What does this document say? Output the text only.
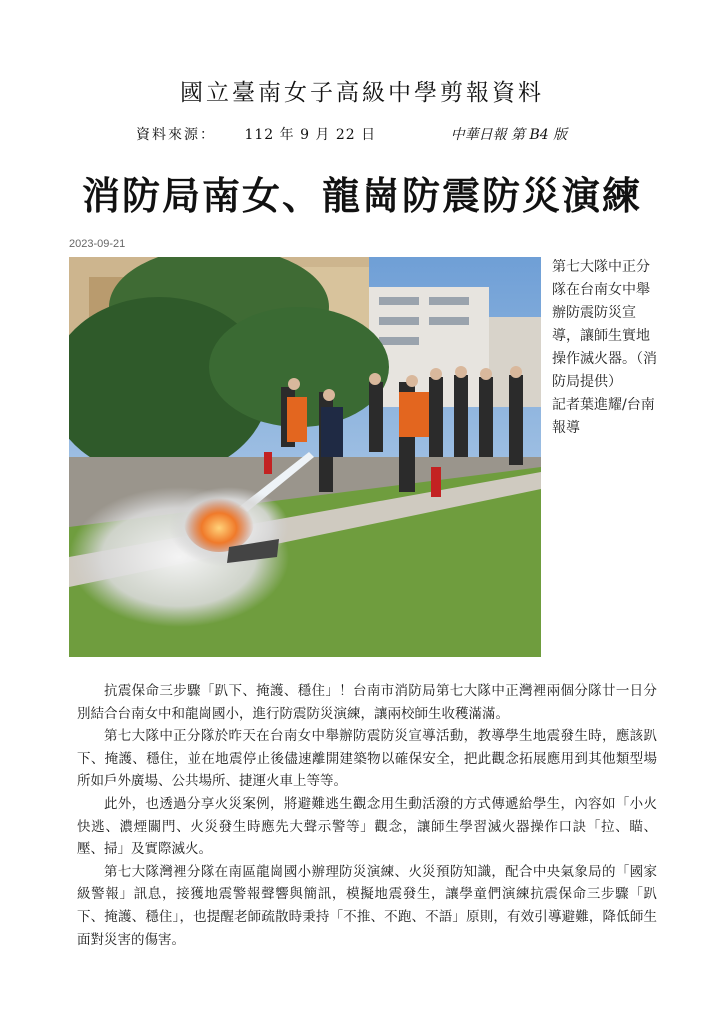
國立臺南女子高級中學剪報資料
資料來源： 112 年 9 月 22 日	中華日報 第 B4 版
消防局南女、龍崗防震防災演練
2023-09-21
第七大隊中正分隊在台南女中舉辦防震防災宣導，讓師生實地操作滅火器。（消防局提供）
記者葉進耀/台南報導

抗震保命三步驟「趴下、掩護、穩住」！台南市消防局第七大隊中正灣裡兩個分隊廿一日分別結合台南女中和龍崗國小，進行防震防災演練，讓兩校師生收穫滿滿。

第七大隊中正分隊於昨天在台南女中舉辦防震防災宣導活動，教導學生地震發生時，應該趴下、掩護、穩住，並在地震停止後儘速離開建築物以確保安全，把此觀念拓展應用到其他類型場所如戶外廣場、公共場所、捷運火車上等等。

此外，也透過分享火災案例，將避難逃生觀念用生動活潑的方式傳遞給學生，內容如「小火快逃、濃煙關門、火災發生時應先大聲示警等」觀念，讓師生學習滅火器操作口訣「拉、瞄、壓、掃」及實際滅火。

第七大隊灣裡分隊在南區龍崗國小辦理防災演練、火災預防知識，配合中央氣象局的「國家級警報」訊息，接獲地震警報聲響與簡訊，模擬地震發生，讓學童們演練抗震保命三步驟「趴下、掩護、穩住」，也提醒老師疏散時秉持「不推、不跑、不語」原則，有效引導避難，降低師生面對災害的傷害。
